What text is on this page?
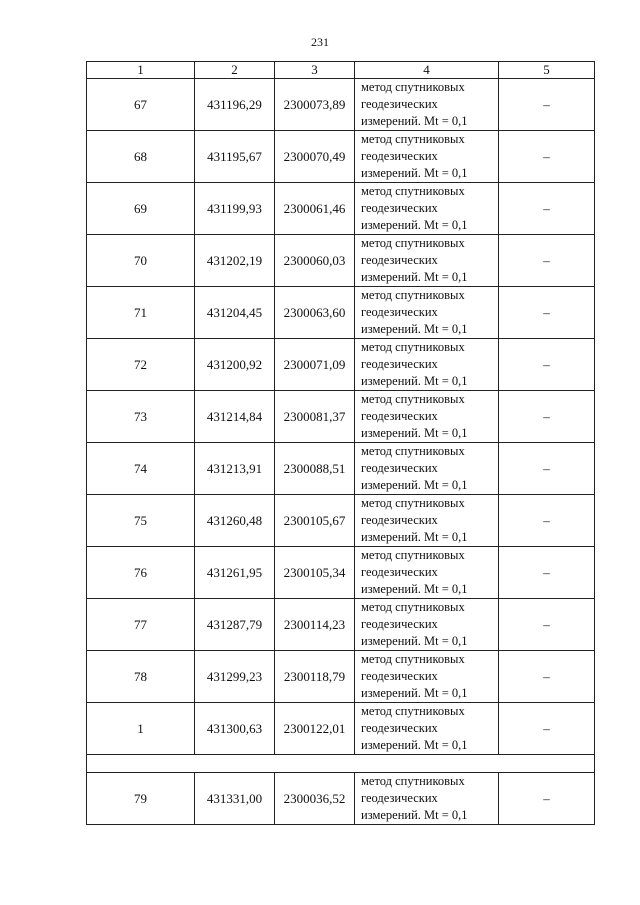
231
1	2	3	4	5
67	431196,29	2300073,89	метод спутниковых
геодезических
измерений. Mt = 0,1	–
68	431195,67	2300070,49	метод спутниковых
геодезических
измерений. Mt = 0,1	–
69	431199,93	2300061,46	метод спутниковых
геодезических
измерений. Mt = 0,1	–
70	431202,19	2300060,03	метод спутниковых
геодезических
измерений. Mt = 0,1	–
71	431204,45	2300063,60	метод спутниковых
геодезических
измерений. Mt = 0,1	–
72	431200,92	2300071,09	метод спутниковых
геодезических
измерений. Mt = 0,1	–
73	431214,84	2300081,37	метод спутниковых
геодезических
измерений. Mt = 0,1	–
74	431213,91	2300088,51	метод спутниковых
геодезических
измерений. Mt = 0,1	–
75	431260,48	2300105,67	метод спутниковых
геодезических
измерений. Mt = 0,1	–
76	431261,95	2300105,34	метод спутниковых
геодезических
измерений. Mt = 0,1	–
77	431287,79	2300114,23	метод спутниковых
геодезических
измерений. Mt = 0,1	–
78	431299,23	2300118,79	метод спутниковых
геодезических
измерений. Mt = 0,1	–
1	431300,63	2300122,01	метод спутниковых
геодезических
измерений. Mt = 0,1	–

79	431331,00	2300036,52	метод спутниковых
геодезических
измерений. Mt = 0,1	–
